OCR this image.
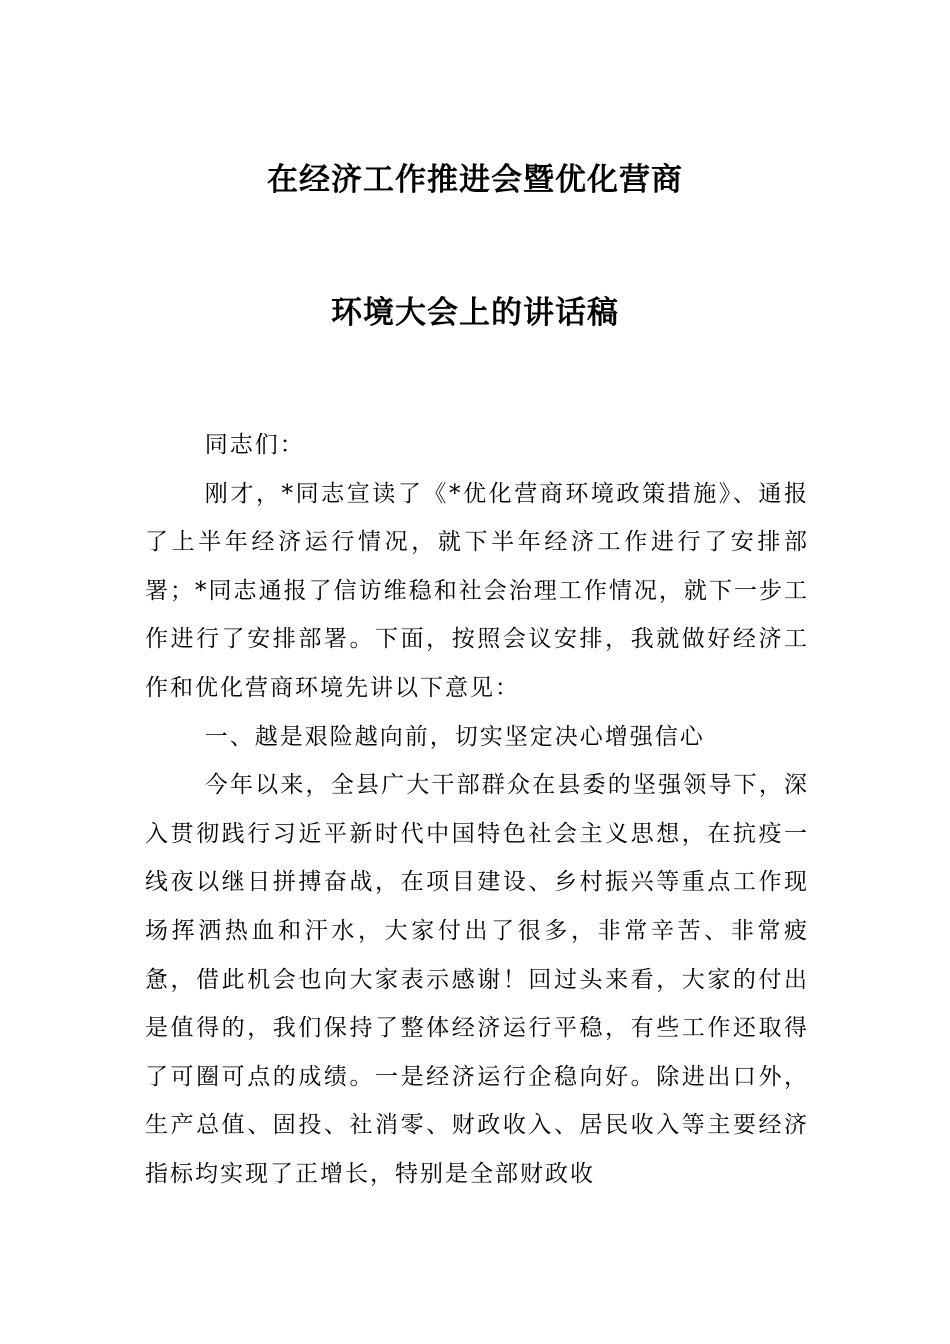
在经济工作推进会暨优化营商
环境大会上的讲话稿

同志们：

刚才，*同志宣读了《*优化营商环境政策措施》、通报了上半年经济运行情况，就下半年经济工作进行了安排部署；*同志通报了信访维稳和社会治理工作情况，就下一步工作进行了安排部署。下面，按照会议安排，我就做好经济工作和优化营商环境先讲以下意见：

一、越是艰险越向前，切实坚定决心增强信心

今年以来，全县广大干部群众在县委的坚强领导下，深入贯彻践行习近平新时代中国特色社会主义思想，在抗疫一线夜以继日拼搏奋战，在项目建设、乡村振兴等重点工作现场挥洒热血和汗水，大家付出了很多，非常辛苦、非常疲惫，借此机会也向大家表示感谢！回过头来看，大家的付出是值得的，我们保持了整体经济运行平稳，有些工作还取得了可圈可点的成绩。一是经济运行企稳向好。除进出口外，生产总值、固投、社消零、财政收入、居民收入等主要经济指标均实现了正增长，特别是全部财政收
